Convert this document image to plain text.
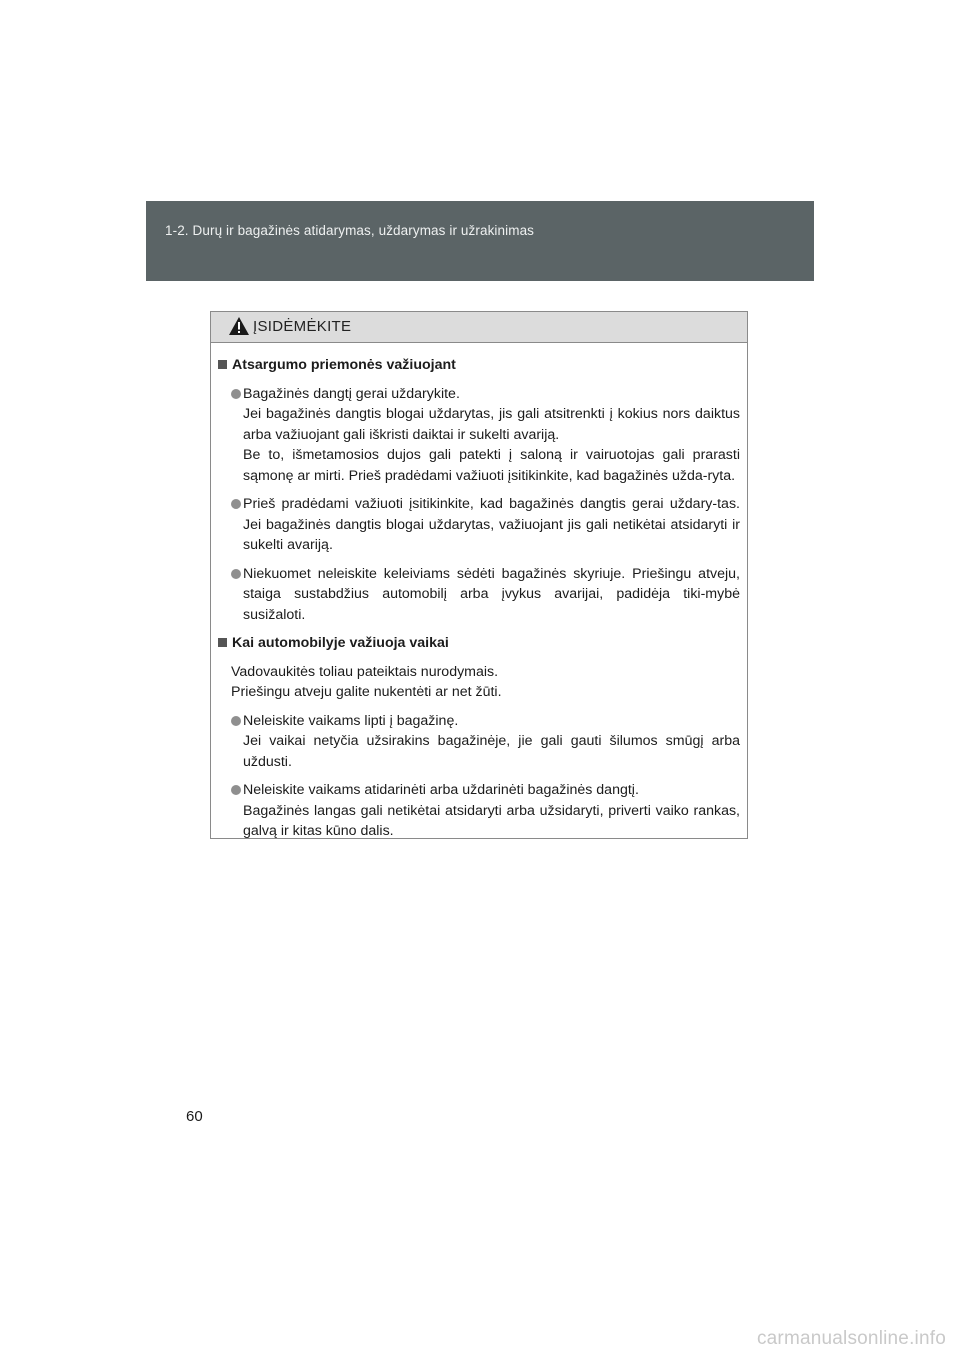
1-2. Durų ir bagažinės atidarymas, uždarymas ir užrakinimas
ĮSIDĖMĖKITE
Atsargumo priemonės važiuojant

Bagažinės dangtį gerai uždarykite.

Jei bagažinės dangtis blogai uždarytas, jis gali atsitrenkti į kokius nors daiktus arba važiuojant gali iškristi daiktai ir sukelti avariją.

Be to, išmetamosios dujos gali patekti į saloną ir vairuotojas gali prarasti sąmonę ar mirti. Prieš pradėdami važiuoti įsitikinkite, kad bagažinės užda-ryta.

Prieš pradėdami važiuoti įsitikinkite, kad bagažinės dangtis gerai uždary-tas. Jei bagažinės dangtis blogai uždarytas, važiuojant jis gali netikėtai atsidaryti ir sukelti avariją.

Niekuomet neleiskite keleiviams sėdėti bagažinės skyriuje. Priešingu atveju, staiga sustabdžius automobilį arba įvykus avarijai, padidėja tiki-mybė susižaloti.

Kai automobilyje važiuoja vaikai

Vadovaukitės toliau pateiktais nurodymais.

Priešingu atveju galite nukentėti ar net žūti.

Neleiskite vaikams lipti į bagažinę.

Jei vaikai netyčia užsirakins bagažinėje, jie gali gauti šilumos smūgį arba uždusti.

Neleiskite vaikams atidarinėti arba uždarinėti bagažinės dangtį.

Bagažinės langas gali netikėtai atsidaryti arba užsidaryti, priverti vaiko rankas, galvą ir kitas kūno dalis.

60
carmanualsonline.info
